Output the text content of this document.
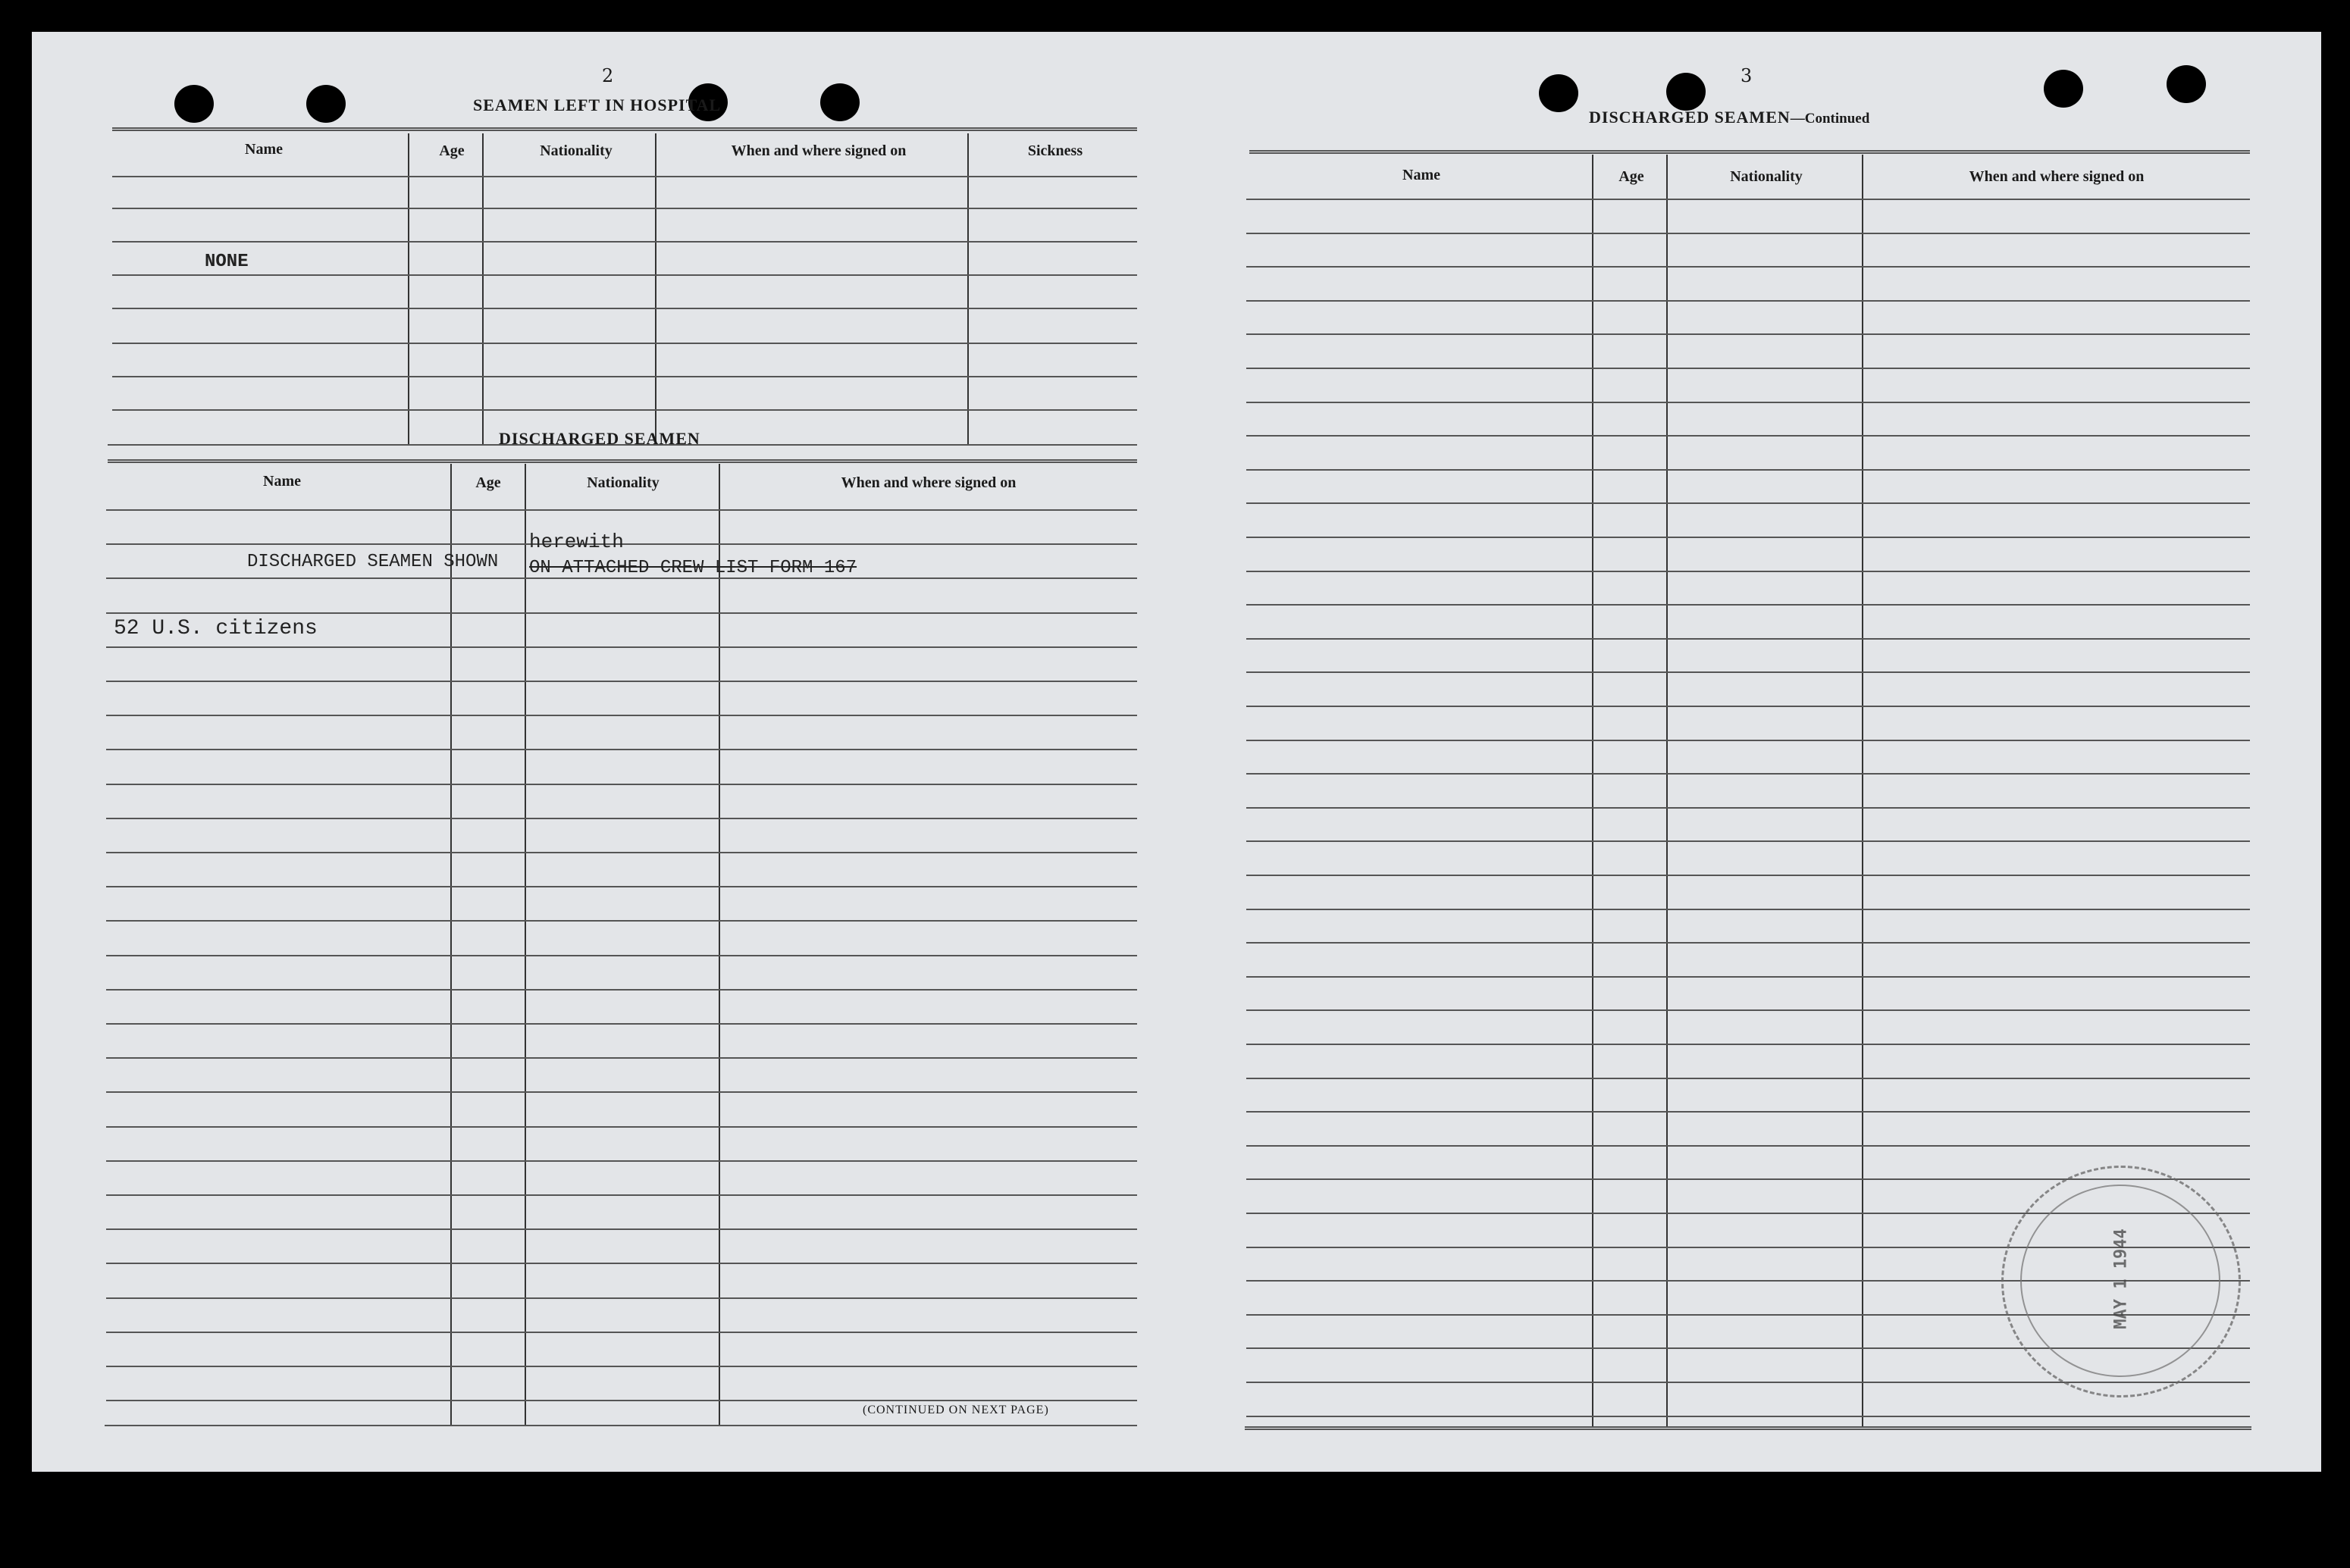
2
SEAMEN LEFT IN HOSPITAL
Name	Age	Nationality	When and where signed on	Sickness
NONE
DISCHARGED SEAMEN
Name	Age	Nationality	When and where signed on
herewith
DISCHARGED SEAMEN SHOWN ON ATTACHED CREW LIST FORM 167
52 U.S. citizens
(CONTINUED ON NEXT PAGE)
3
DISCHARGED SEAMEN—Continued
Name	Age	Nationality	When and where signed on
MAY 1 1944
